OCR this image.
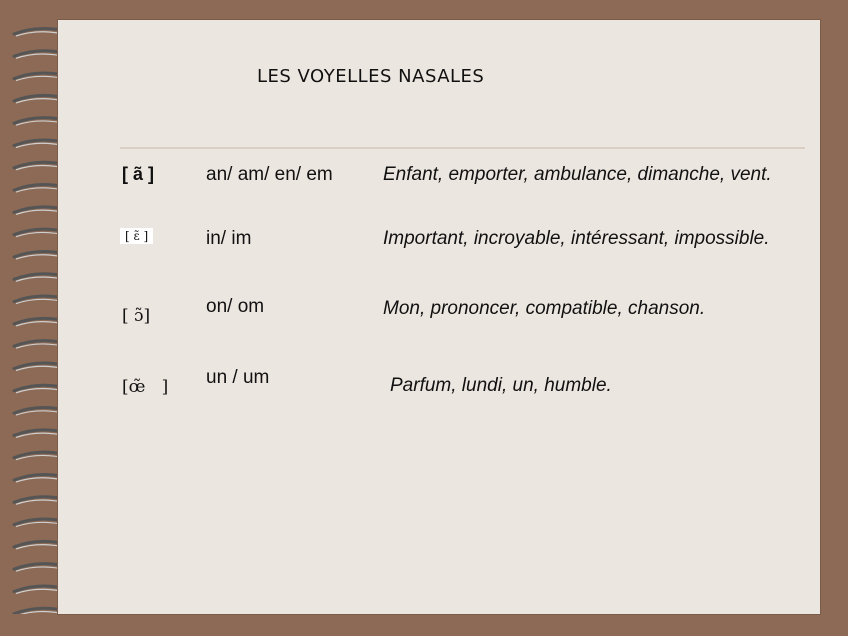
LES VOYELLES NASALES
[ ã ]	an/ am/ en/ em	Enfant, emporter, ambulance, dimanche, vent.
[ ɛ̃ ]	in/ im	Important, incroyable, intéressant, impossible.
[ ɔ̃]	on/ om	Mon, prononcer, compatible, chanson.
[œ̃   ] un / um	Parfum, lundi, un, humble.
